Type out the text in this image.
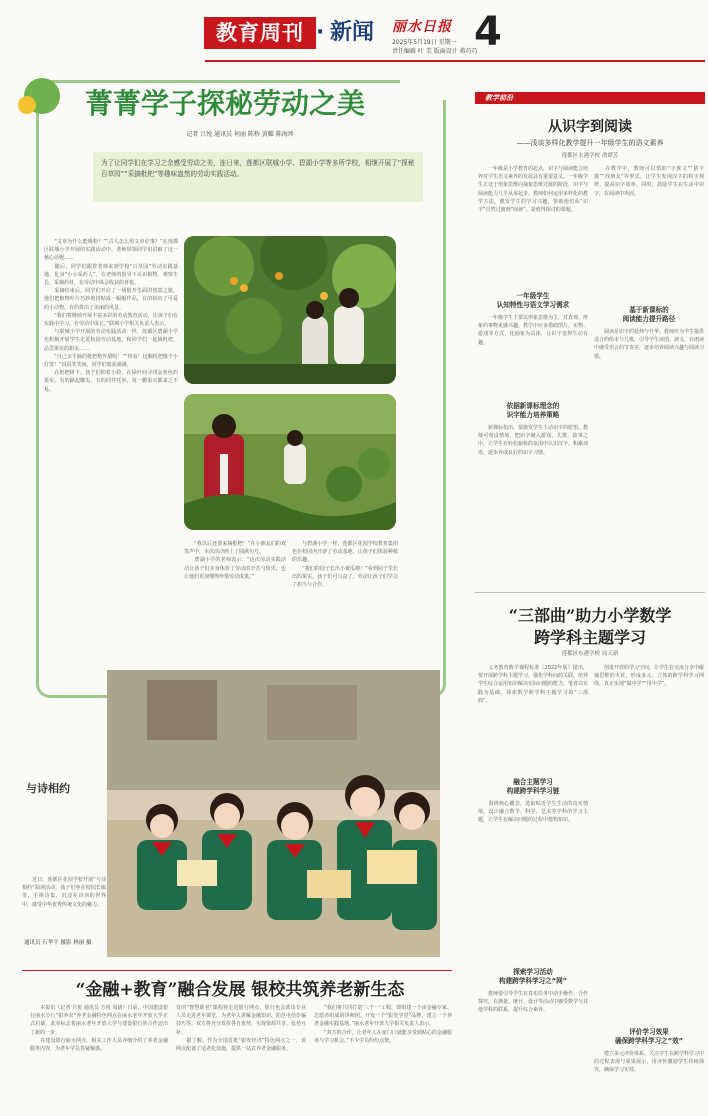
教育周刊 · 新闻 丽水日报
2025年5月19日 星期一
责任编辑 叶 美 版面设计 蒋巧巧
4
菁菁学子探秘劳动之美
记者 吕悦 通讯员 何丽 陈桥 黄耀 陈海珍
为了让同学们在学习之余感受劳动之美，连日来，莲都区联城小学、碧湖小学等多所学校，相继开展了“探秘百草园”“采摘枇杷”等趣味盎然的劳动实践活动。
　　“文章为什么能吸粉？”“古人怎么用文章论事？”在莲都区联城小学开展的实践活动中，老师带领同学们讲解了这一核心话题……
　　随后，同学们跟着老师来到学校“百草园”劳动实践基地，化身“小小采药人”，在老师的指导下认识植物、观察生长、采摘药材，在劳动中体会收获的喜悦。
　　采摘结束后，同学们开启了一场别开生面的创意之旅。他们把植物叶片巧妙地拼贴成一幅幅作品，有的拼出了可爱的小动物，有的拼出了美丽的风景。
　　“我们将继续开展丰富多彩的劳动教育活动，让孩子们在实践中学习、在劳动中成长。”联城小学相关负责人表示。
　　与联城小学开展的劳动实践活动一样，莲都区碧湖小学也积极开展学生走进校园劳动基地，和同学们一起摘枇杷，品尝果实的甜美……
　　“自己亲手摘的枇杷格外甜呢！”“快看！这颗枇杷像个小灯笼！”说说笑笑间，同学们收获满满。
　　在枇杷树下，孩子们仰着小脸，在绿叶间寻找金黄色的果实。有的踮起脚尖，有的同伴托举，每一颗果实都来之不易。
　　“我以后还要来摘枇杷！”在小朋友们的欢笑声中，本次活动画上了圆满句号。
　　碧湖小学的老师表示：“这次劳动实践活动让孩子们亲身体验了劳动的辛苦与快乐，也让他们更加懂得珍惜劳动成果。”
　　与碧湖小学一样，莲都区花园学校教育集团也在校园内开辟了劳动基地，让孩子们体验种植的乐趣。
　　“我们的园子长出小黄瓜啦！”看到园子里长出的果实，孩子们可兴奋了。劳动让孩子们学会了担当与合作。
与诗相约
　　近日，莲都区花园学校开展“与诗相约”阅读活动，孩子们坐在校园长廊里，手捧诗集，沉浸在诗词的世界中，感受中华优秀传统文化的魅力。
通讯员 石华平 摄影 林丽 摄
教学前沿
从识字到阅读
——浅谈多样化教学提升一年级学生的语文素养
莲都区水港学校 俞谭芳
　　一年级是小学教育的起点，识字与阅读能力培养对学生语文素养的发展具有重要意义。一年级学生正处于形象思维向抽象思维过渡的阶段，识字与阅读能力几乎从零起步。教师如何运用多样化的教学方法，激发学生的学习兴趣，帮助他们从“识字”自然过渡到“阅读”，是值得探讨的课题。
一年级学生
认知特性与语文学习需求
　　一年级学生主要以形象思维为主，对直观、形象的事物更感兴趣。教学中应多借助图片、实物、游戏等方式，化抽象为具体，让识字变得生动有趣。
依据新课标理念的
识字能力培养策略
　　新课标指出，要激发学生主动识字的愿望。教师可创设情境，把识字融入游戏、儿歌、故事之中，让学生在轻松愉快的氛围中认识汉字、积累词语，逐步养成良好的识字习惯。
　　在教学中，教师可以借助“字族文”“猜字谜”“找朋友”等形式，让学生发现汉字的构字规律，提高识字效率。同时，鼓励学生在生活中识字，在阅读中巩固。
基于新课标的
阅读能力提升路径
　　阅读是识字的延伸与升华。教师应为学生提供适合的绘本与儿歌，引导学生读图、读文，在朗读中感受语言的节奏美，逐步培养阅读兴趣与阅读习惯。
“三部曲”助力小学数学
跨学科主题学习
莲都区东港学校 周天新
　　义务教育数学课程标准（2022年版）提出，要开展跨学科主题学习，强化学科间的关联，培养学生综合运用知识解决实际问题的能力。笔者以实践为基础，探索数学跨学科主题学习的“三部曲”。
融合主题学习
构建跨学科学习链
　　围绕核心概念，选取贴近学生生活的真实情境，设计融合数学、科学、艺术等学科的学习主题，让学生在解决问题的过程中建构知识。
探索学习活动
构建跨学科学习之“网”
　　教师要引导学生在真实任务中动手操作、合作探究，在测量、统计、设计等活动中感受数学与其他学科的联系，提升综合素养。
　　创设开放的学习空间，让学生在交流分享中碰撞思维的火花，形成多元、立体的跨学科学习网络，真正实现“做中学”“用中学”。
评价学习效果
确保跨学科学习之“效”
　　建立多元评价体系，关注学生在跨学科学习中的过程表现与成果展示，用评价激励学生持续探究，确保学习实效。
“金融+教育”融合发展 银校共筑养老新生态
　　本报讯（记者 吕悦 通讯员 方悦 周倩）日前，中国建设银行丽水分行“银养农”养老金融特色网点在丽水老年开放大学正式启幕，此举标志着丽水老年开放大学与建设银行的合作迈出了新的一步。
　　在建设银行丽水网点，相关工作人员详细介绍了养老金融服务内容，为老年学员答疑解惑。
发的“智慧助老”课程将走进银行网点，银行也会派出专业人员走进老年课堂，为老年人讲解金融知识、防范电信诈骗技巧等。双方将充分发挥各自优势，实现资源共享、优势互补。
　　据了解，作为全国首批“银发经济”特色网点之一，该网点配备了适老化设施，提供一站式养老金融服务。
　　“我们将共同打造‘三个一’工程，即组建一个由金融专家、志愿者组成的讲师团，开发一个“银发学堂”品牌，建立一个养老金融实践基地。”丽水老年开放大学相关负责人表示。
　　“双方的合作，让老年人在家门口就能享受到贴心的金融服务与学习机会。”不少学员纷纷点赞。
